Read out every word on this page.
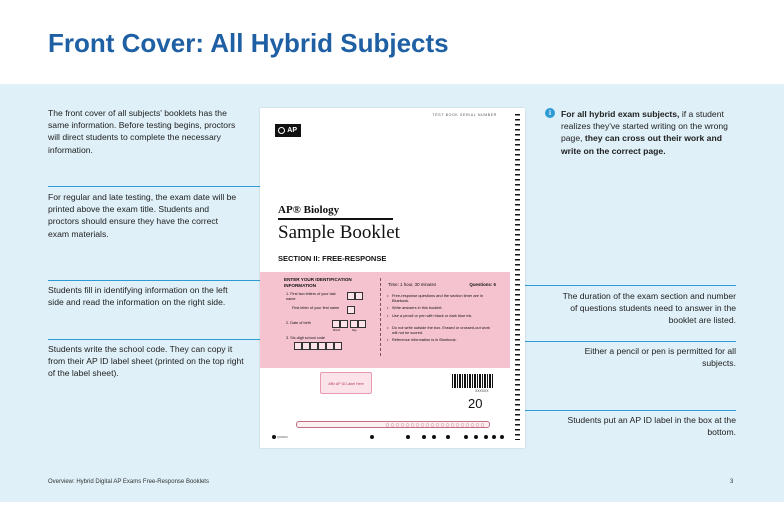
Front Cover: All Hybrid Subjects
The front cover of all subjects' booklets has the same information. Before testing begins, proctors will direct students to complete the necessary information.
For regular and late testing, the exam date will be printed above the exam title. Students and proctors should ensure they have the correct exam materials.
Students fill in identifying information on the left side and read the information on the right side.
Students write the school code. They can copy it from their AP ID label sheet (printed on the top right of the label sheet).
i	For all hybrid exam subjects, if a student realizes they've started writing on the wrong page, they can cross out their work and write on the correct page.
The duration of the exam section and number of questions students need to answer in the booklet are listed.
Either a pencil or pen is permitted for all subjects.
Students put an AP ID label in the box at the bottom.
TEST BOOK SERIAL NUMBER
AP
AP® Biology
Sample Booklet
SECTION II: FREE-RESPONSE
ENTER YOUR IDENTIFICATION INFORMATION
1. First two letters of your last name
First letter of your first name
2. Date of birth
Month	Day
3. Six-digit school code
Time: 1 hour, 30 minutes	Questions: 6
• Free-response questions and the section timer are in Bluebook.
• Write answers in this booklet.
• Use a pencil or pen with black or dark blue ink.
• Do not write outside the box. Erased or crossed-out work will not be scored.
• Reference information is in Bluebook.
Affix AP ID Label Here
XXXXXX
20
Q00000
Overview: Hybrid Digital AP Exams Free-Response Booklets	3
